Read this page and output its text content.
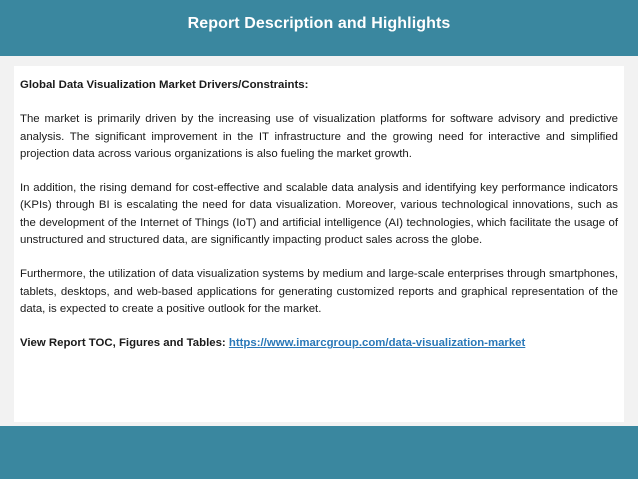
Report Description and Highlights

Global Data Visualization Market Drivers/Constraints:

The market is primarily driven by the increasing use of visualization platforms for software advisory and predictive analysis. The significant improvement in the IT infrastructure and the growing need for interactive and simplified projection data across various organizations is also fueling the market growth.

In addition, the rising demand for cost-effective and scalable data analysis and identifying key performance indicators (KPIs) through BI is escalating the need for data visualization. Moreover, various technological innovations, such as the development of the Internet of Things (IoT) and artificial intelligence (AI) technologies, which facilitate the usage of unstructured and structured data, are significantly impacting product sales across the globe.

Furthermore, the utilization of data visualization systems by medium and large-scale enterprises through smartphones, tablets, desktops, and web-based applications for generating customized reports and graphical representation of the data, is expected to create a positive outlook for the market.

View Report TOC, Figures and Tables: https://www.imarcgroup.com/data-visualization-market
